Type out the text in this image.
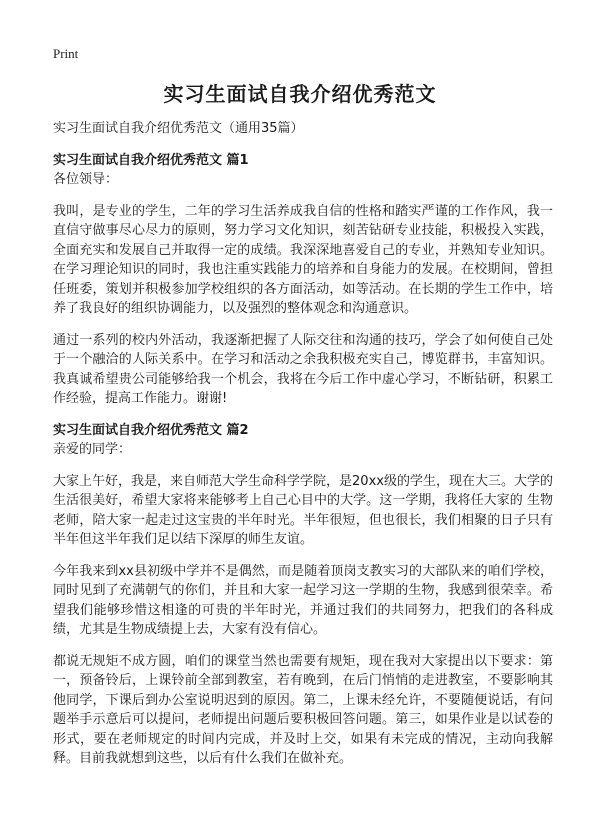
Print
实习生面试自我介绍优秀范文

实习生面试自我介绍优秀范文（通用35篇）

实习生面试自我介绍优秀范文 篇1

各位领导：

我叫，是专业的学生，二年的学习生活养成我自信的性格和踏实严谨的工作作风，我一直信守做事尽心尽力的原则，努力学习文化知识，刻苦钻研专业技能，积极投入实践，全面充实和发展自己并取得一定的成绩。我深深地喜爱自己的专业，并熟知专业知识。在学习理论知识的同时，我也注重实践能力的培养和自身能力的发展。在校期间，曾担任班委，策划并积极参加学校组织的各方面活动，如等活动。在长期的学生工作中，培养了我良好的组织协调能力，以及强烈的整体观念和沟通意识。

通过一系列的校内外活动，我逐渐把握了人际交往和沟通的技巧，学会了如何使自己处于一个融洽的人际关系中。在学习和活动之余我积极充实自己，博览群书，丰富知识。我真诚希望贵公司能够给我一个机会，我将在今后工作中虚心学习，不断钻研，积累工作经验，提高工作能力。谢谢!

实习生面试自我介绍优秀范文 篇2

亲爱的同学：

大家上午好，我是，来自师范大学生命科学学院，是20xx级的学生，现在大三。大学的生活很美好，希望大家将来能够考上自己心目中的大学。这一学期，我将任大家的 生物老师，陪大家一起走过这宝贵的半年时光。半年很短，但也很长，我们相聚的日子只有半年但这半年我们足以结下深厚的师生友谊。

今年我来到xx县初级中学并不是偶然，而是随着顶岗支教实习的大部队来的咱们学校，同时见到了充满朝气的你们，并且和大家一起学习这一学期的生物，我感到很荣幸。希望我们能够珍惜这相逢的可贵的半年时光，并通过我们的共同努力，把我们的各科成绩，尤其是生物成绩提上去，大家有没有信心。

都说无规矩不成方圆，咱们的课堂当然也需要有规矩，现在我对大家提出以下要求：第一，预备铃后，上课铃前全部到教室，若有晚到，在后门悄悄的走进教室，不要影响其他同学，下课后到办公室说明迟到的原因。第二，上课未经允许，不要随便说话，有问题举手示意后可以提问，老师提出问题后要积极回答问题。第三，如果作业是以试卷的形式，要在老师规定的时间内完成，并及时上交，如果有未完成的情况，主动向我解释。目前我就想到这些，以后有什么我们在做补充。
